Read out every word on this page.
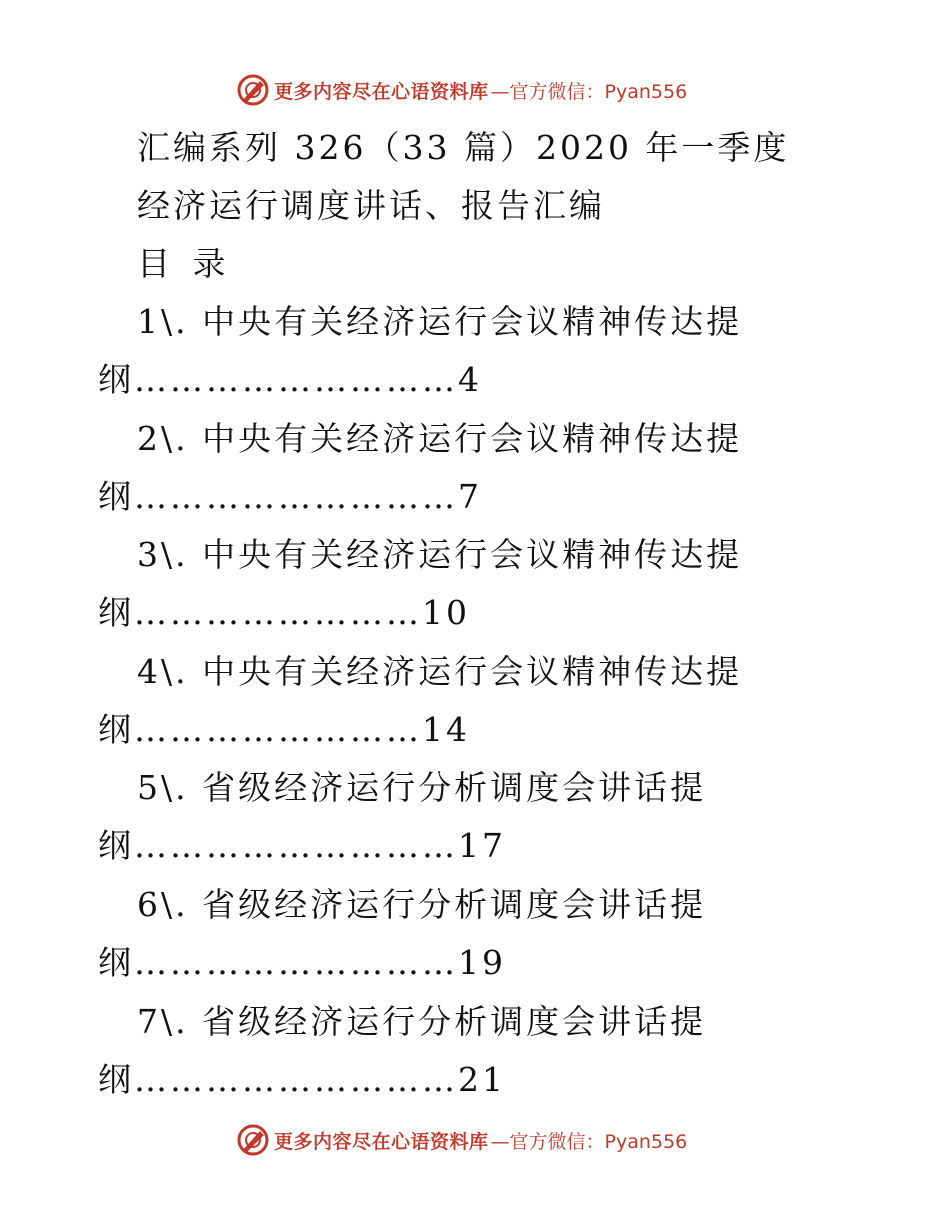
更多内容尽在心语资料库 —官方微信：Pyan556
汇编系列 326（33 篇）2020 年一季度
经济运行调度讲话、报告汇编
目 录
1\. 中央有关经济运行会议精神传达提
纲………………………4
2\. 中央有关经济运行会议精神传达提
纲………………………7
3\. 中央有关经济运行会议精神传达提
纲……………………10
4\. 中央有关经济运行会议精神传达提
纲……………………14
5\. 省级经济运行分析调度会讲话提
纲………………………17
6\. 省级经济运行分析调度会讲话提
纲………………………19
7\. 省级经济运行分析调度会讲话提
纲………………………21
更多内容尽在心语资料库 —官方微信：Pyan556
